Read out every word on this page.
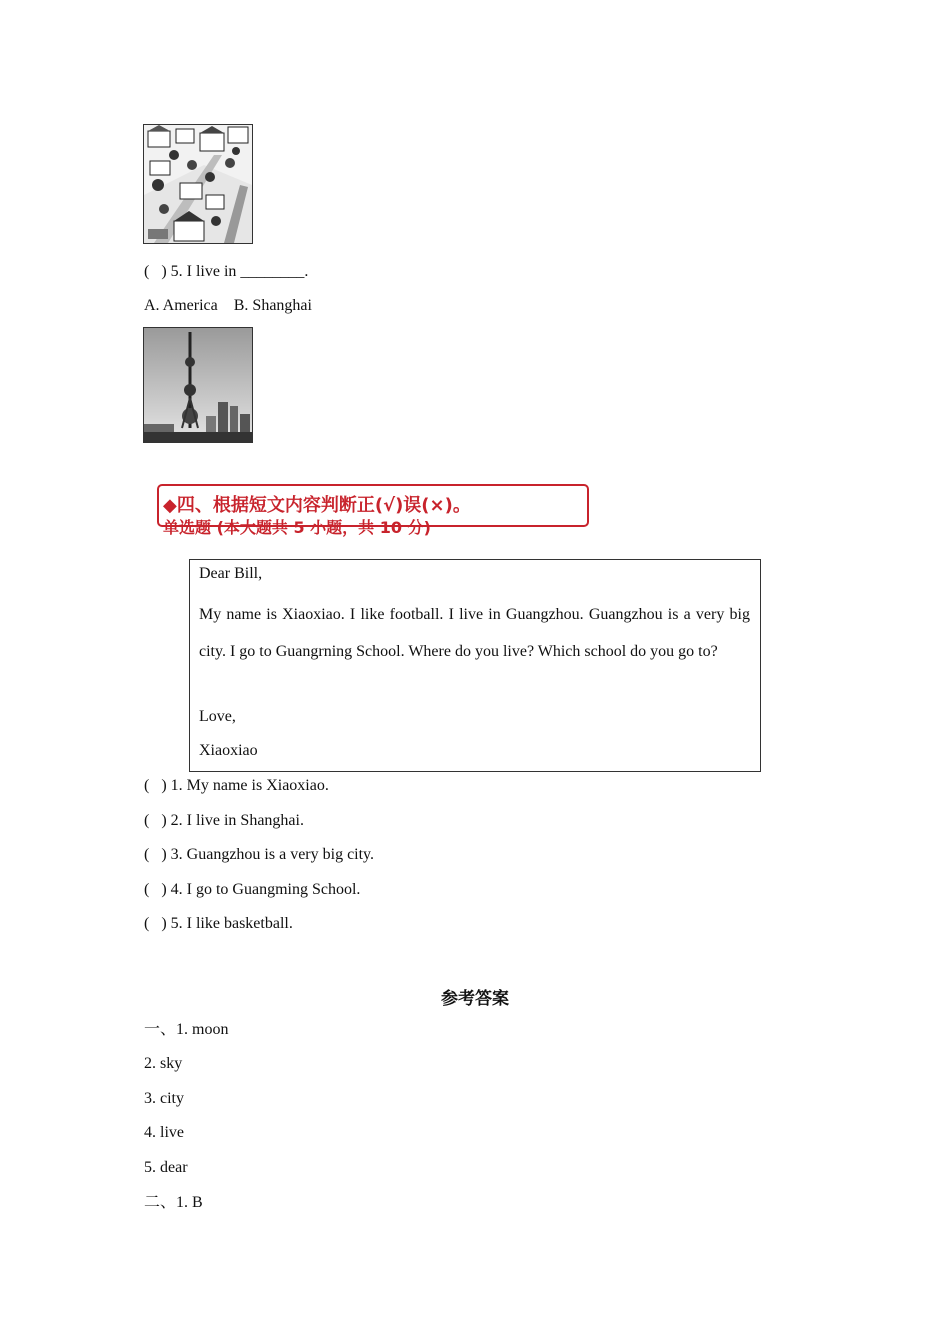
(   ) 5. I live in ________.
A. America    B. Shanghai
◆四、根据短文内容判断正(√)误(×)。
单选题 (本大题共 5 小题，共 10 分)
Dear Bill,
My name is Xiaoxiao. I like football. I live in Guangzhou. Guangzhou is a very big city. I go to Guangrning School. Where do you live? Which school do you go to?
Love,
Xiaoxiao
(   ) 1. My name is Xiaoxiao.
(   ) 2. I live in Shanghai.
(   ) 3. Guangzhou is a very big city.
(   ) 4. I go to Guangming School.
(   ) 5. I like basketball.
参考答案
一、1. moon
2. sky
3. city
4. live
5. dear
二、1. B
